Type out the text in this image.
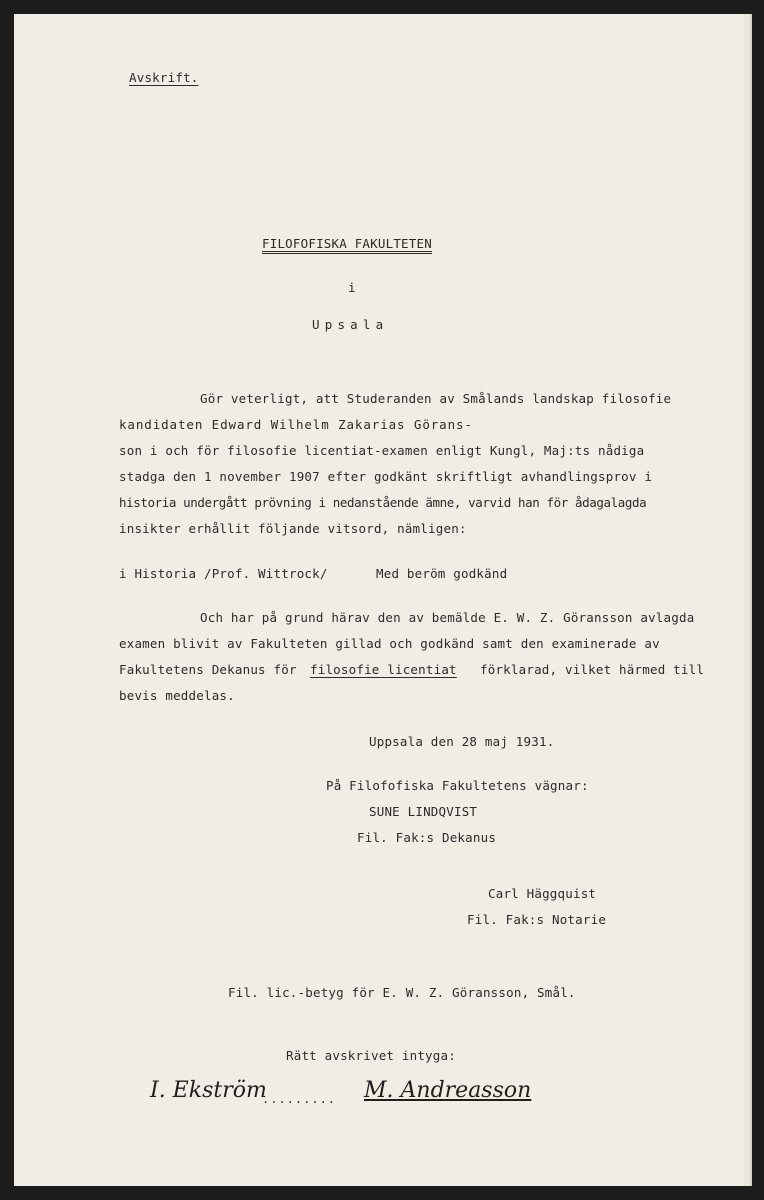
Avskrift.
FILOFOFISKA FAKULTETEN
i
Upsala
Gör veterligt, att Studeranden av Smålands landskap filosofie
kandidaten Edward Wilhelm Zakarias Görans-
son i och för filosofie licentiat-examen enligt Kungl, Maj:ts nådiga
stadga den 1 november 1907 efter godkänt skriftligt avhandlingsprov i
historia undergått prövning i nedanstående ämne, varvid han för ådagalagda
insikter erhållit följande vitsord, nämligen:
i Historia /Prof. Wittrock/	Med beröm godkänd
Och har på grund härav den av bemälde E. W. Z. Göransson avlagda
examen blivit av Fakulteten gillad och godkänd samt den examinerade av
Fakultetens Dekanus för filosofie licentiat förklarad, vilket härmed till
bevis meddelas.
Uppsala den 28 maj 1931.
På Filofofiska Fakultetens vägnar:
SUNE LINDQVIST
Fil. Fak:s Dekanus
Carl Häggquist
Fil. Fak:s Notarie
Fil. lic.-betyg för E. W. Z. Göransson, Smål.
Rätt avskrivet intyga:
I. Ekström
......... M. Andreasson
